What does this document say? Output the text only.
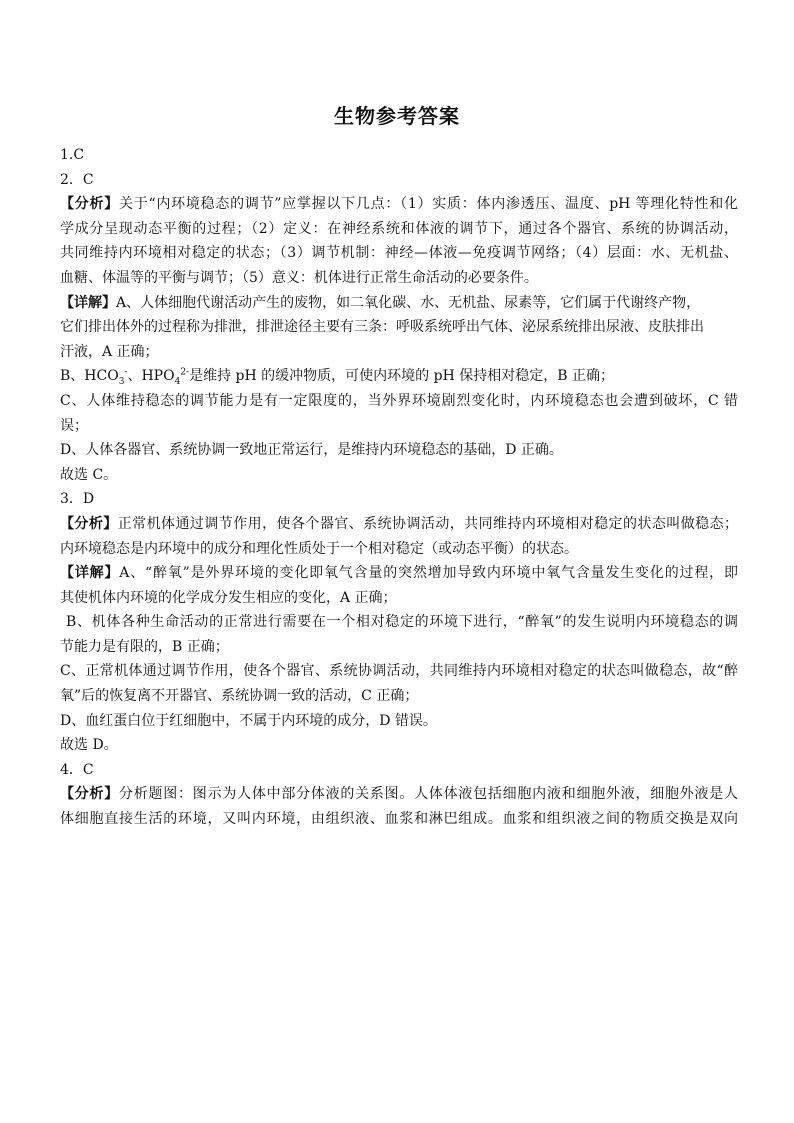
生物参考答案
1.C
2．C
【分析】关于“内环境稳态的调节”应掌握以下几点：（1）实质：体内渗透压、温度、pH 等理化特性和化
学成分呈现动态平衡的过程；（2）定义：在神经系统和体液的调节下，通过各个器官、系统的协调活动，
共同维持内环境相对稳定的状态；（3）调节机制：神经—体液—免疫调节网络；（4）层面：水、无机盐、
血糖、体温等的平衡与调节；（5）意义：机体进行正常生命活动的必要条件。
【详解】A、人体细胞代谢活动产生的废物，如二氧化碳、水、无机盐、尿素等，它们属于代谢终产物，
它们排出体外的过程称为排泄，排泄途径主要有三条：呼吸系统呼出气体、泌尿系统排出尿液、皮肤排出
汗液，A 正确；
B、$HCO_3^-$、$HPO_4^{2-}$是维持 pH 的缓冲物质，可使内环境的 pH 保持相对稳定，B 正确；
C、人体维持稳态的调节能力是有一定限度的，当外界环境剧烈变化时，内环境稳态也会遭到破坏，C 错
误；
D、人体各器官、系统协调一致地正常运行，是维持内环境稳态的基础，D 正确。
故选 C。
3．D
【分析】正常机体通过调节作用，使各个器官、系统协调活动，共同维持内环境相对稳定的状态叫做稳态；
内环境稳态是内环境中的成分和理化性质处于一个相对稳定（或动态平衡）的状态。
【详解】A、“醉氧”是外界环境的变化即氧气含量的突然增加导致内环境中氧气含量发生变化的过程，即
其使机体内环境的化学成分发生相应的变化，A 正确；
B、机体各种生命活动的正常进行需要在一个相对稳定的环境下进行，“醉氧”的发生说明内环境稳态的调
节能力是有限的，B 正确；
C、正常机体通过调节作用，使各个器官、系统协调活动，共同维持内环境相对稳定的状态叫做稳态，故“醉
氧”后的恢复离不开器官、系统协调一致的活动，C 正确；
D、血红蛋白位于红细胞中，不属于内环境的成分，D 错误。
故选 D。
4．C
【分析】分析题图：图示为人体中部分体液的关系图。人体体液包括细胞内液和细胞外液，细胞外液是人
体细胞直接生活的环境，又叫内环境，由组织液、血浆和淋巴组成。血浆和组织液之间的物质交换是双向
